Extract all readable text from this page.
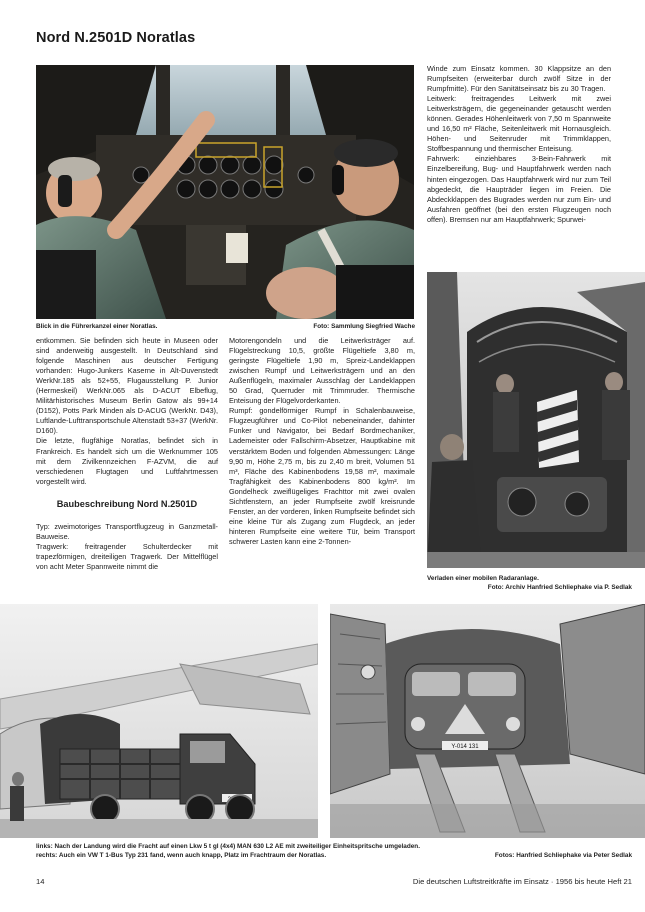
Nord N.2501D Noratlas
Blick in die Führerkanzel einer Noratlas.	Foto: Sammlung Siegfried Wache
Verladen einer mobilen Radaranlage.
Foto: Archiv Hanfried Schliephake via P. Sedlak

entkommen. Sie befinden sich heute in Museen oder sind anderweitig ausgestellt. In Deutschland sind folgende Maschinen aus deutscher Fertigung vorhanden: Hugo-Junkers Kaserne in Alt-Duvenstedt WerkNr.185 als 52+55, Flugausstellung P. Junior (Hermeskeil) WerkNr.065 als D-ACUT Elbeflug, Militärhistorisches Museum Berlin Gatow als 99+14 (D152), Potts Park Minden als D-ACUG (WerkNr. D43), Luftlande-Lufttransportschule Altenstadt 53+37 (WerkNr. D160).

Die letzte, flugfähige Noratlas, befindet sich in Frankreich. Es handelt sich um die Werknummer 105 mit dem Zivilkennzeichen F-AZVM, die auf verschiedenen Flugtagen und Luftfahrtmessen vorgestellt wird.

Baubeschreibung Nord N.2501D

Typ: zweimotoriges Transportflugzeug in Ganzmetall-Bauweise.

Tragwerk: freitragender Schulterdecker mit trapezförmigen, dreiteiligen Tragwerk. Der Mittelflügel von acht Meter Spannweite nimmt die

Motorengondeln und die Leitwerksträger auf. Flügelstreckung 10,5, größte Flügeltiefe 3,80 m, geringste Flügeltiefe 1,90 m, Spreiz-Landeklappen zwischen Rumpf und Leitwerksträgern und an den Außenflügeln, maximaler Ausschlag der Landeklappen 50 Grad, Querruder mit Trimmruder. Thermische Enteisung der Flügelvorderkanten.

Rumpf: gondelförmiger Rumpf in Schalenbauweise, Flugzeugführer und Co-Pilot nebeneinander, dahinter Funker und Navigator, bei Bedarf Bordmechaniker, Lademeister oder Fallschirm-Absetzer, Hauptkabine mit verstärktem Boden und folgenden Abmessungen: Länge 9,90 m, Höhe 2,75 m, bis zu 2,40 m breit, Volumen 51 m³, Fläche des Kabinenbodens 19,58 m², maximale Tragfähigkeit des Kabinenbodens 800 kg/m². Im Gondelheck zweiflügeliges Frachttor mit zwei ovalen Sichtfenstern, an jeder Rumpfseite zwölf kreisrunde Fenster, an der vorderen, linken Rumpfseite befindet sich eine kleine Tür als Zugang zum Flugdeck, an jeder hinteren Rumpfseite eine weitere Tür, beim Transport schwerer Lasten kann eine 2-Tonnen-

Winde zum Einsatz kommen. 30 Klappsitze an den Rumpfseiten (erweiterbar durch zwölf Sitze in der Rumpfmitte). Für den Sanitätseinsatz bis zu 30 Tragen.

Leitwerk: freitragendes Leitwerk mit zwei Leitwerksträgern, die gegeneinander getauscht werden können. Gerades Höhenleitwerk von 7,50 m Spannweite und 16,50 m² Fläche, Seitenleitwerk mit Hornausgleich. Höhen- und Seitenruder mit Trimmklappen, Stoffbespannung und thermischer Enteisung.

Fahrwerk: einziehbares 3-Bein-Fahrwerk mit Einzelbereifung, Bug- und Hauptfahrwerk werden nach hinten eingezogen. Das Hauptfahrwerk wird nur zum Teil abgedeckt, die Haupträder liegen im Freien. Die Abdeckklappen des Bugrades werden nur zum Ein- und Ausfahren geöffnet (bei den ersten Flugzeugen noch offen). Bremsen nur am Hauptfahrwerk; Spurwei-

Y-014 131
links: Nach der Landung wird die Fracht auf einen Lkw 5 t gl (4x4) MAN 630 L2 AE mit zweiteiliger Einheitspritsche umgeladen.
rechts: Auch ein VW T 1-Bus Typ 231 fand, wenn auch knapp, Platz im Frachtraum der Noratlas.	Fotos: Hanfried Schliephake via Peter Sedlak
14	Die deutschen Luftstreitkräfte im Einsatz · 1956 bis heute Heft 21
